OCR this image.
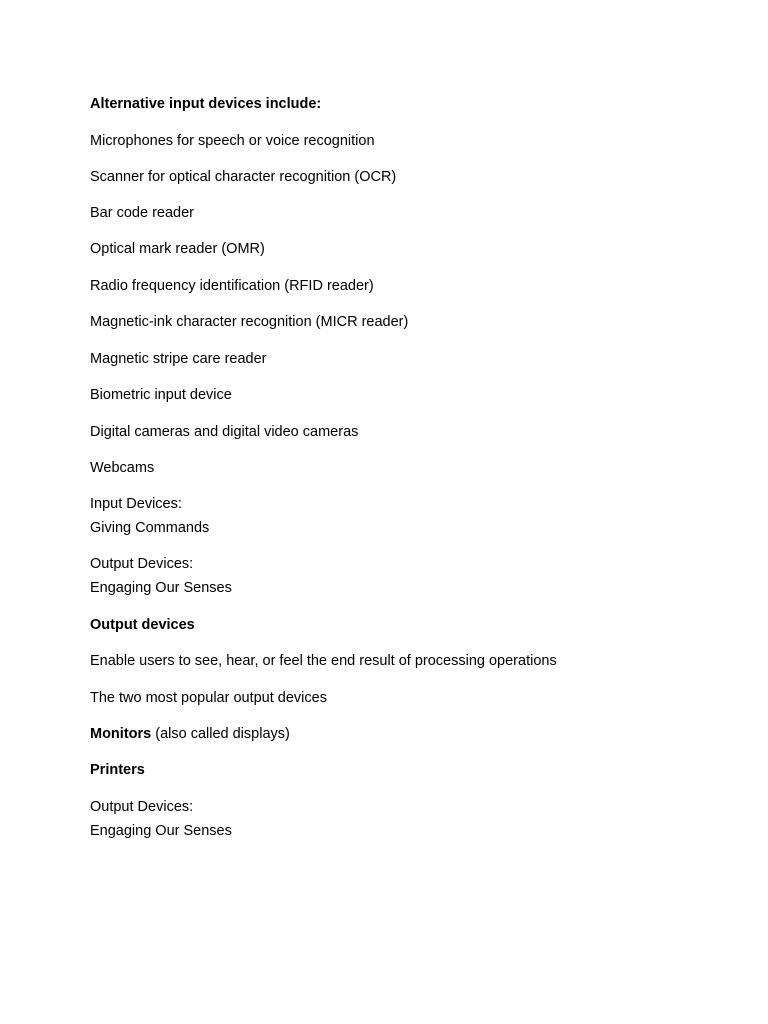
Alternative input devices include:
Microphones for speech or voice recognition
Scanner for optical character recognition (OCR)
Bar code reader
Optical mark reader (OMR)
Radio frequency identification (RFID reader)
Magnetic-ink character recognition (MICR reader)
Magnetic stripe care reader
Biometric input device
Digital cameras and digital video cameras
Webcams
Input Devices:
Giving Commands
Output Devices:
Engaging Our Senses
Output devices
Enable users to see, hear, or feel the end result of processing operations
The two most popular output devices
Monitors (also called displays)
Printers
Output Devices:
Engaging Our Senses
